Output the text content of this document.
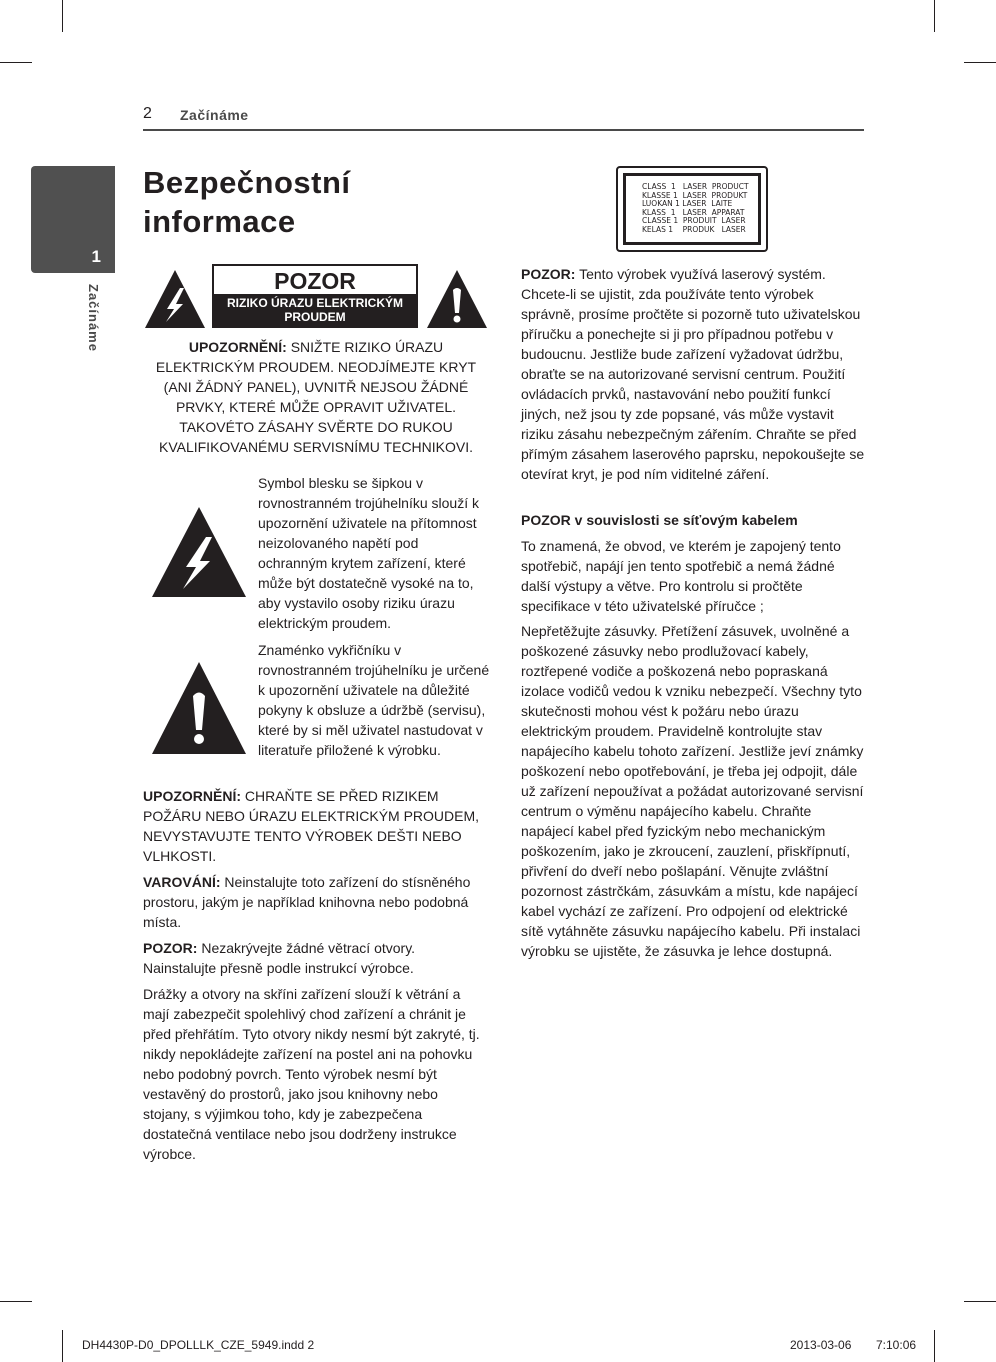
2 Začínáme
1
Začínáme
Bezpečnostní
informace
POZOR
RIZIKO ÚRAZU ELEKTRICKÝM
PROUDEM

UPOZORNĚNÍ: SNIŽTE RIZIKO ÚRAZU ELEKTRICKÝM PROUDEM. NEODJÍMEJTE KRYT (ANI ŽÁDNÝ PANEL), UVNITŘ NEJSOU ŽÁDNÉ PRVKY, KTERÉ MŮŽE OPRAVIT UŽIVATEL. TAKOVÉTO ZÁSAHY SVĚRTE DO RUKOU KVALIFIKOVANÉMU SERVISNÍMU TECHNIKOVI.

Symbol blesku se šipkou v rovnostranném trojúhelníku slouží k upozornění uživatele na přítomnost neizolovaného napětí pod ochranným krytem zařízení, které může být dostatečně vysoké na to, aby vystavilo osoby riziku úrazu elektrickým proudem.
Znaménko vykřičníku v rovnostranném trojúhelníku je určené k upozornění uživatele na důležité pokyny k obsluze a údržbě (servisu), které by si měl uživatel nastudovat v literatuře přiložené k výrobku.

UPOZORNĚNÍ: CHRAŇTE SE PŘED RIZIKEM POŽÁRU NEBO ÚRAZU ELEKTRICKÝM PROUDEM, NEVYSTAVUJTE TENTO VÝROBEK DEŠTI NEBO VLHKOSTI.

VAROVÁNÍ: Neinstalujte toto zařízení do stísněného prostoru, jakým je například knihovna nebo podobná místa.

POZOR: Nezakrývejte žádné větrací otvory. Nainstalujte přesně podle instrukcí výrobce.

Drážky a otvory na skříni zařízení slouží k větrání a mají zabezpečit spolehlivý chod zařízení a chránit je před přehřátím. Tyto otvory nikdy nesmí být zakryté, tj. nikdy nepokládejte zařízení na postel ani na pohovku nebo podobný povrch. Tento výrobek nesmí být vestavěný do prostorů, jako jsou knihovny nebo stojany, s výjimkou toho, kdy je zabezpečena dostatečná ventilace nebo jsou dodrženy instrukce výrobce.
CLASS  1   LASER  PRODUCT
KLASSE 1  LASER  PRODUKT
LUOKAN 1 LASER  LAITE
KLASS  1   LASER  APPARAT
CLASSE 1  PRODUIT  LASER
KELAS 1    PRODUK   LASER

POZOR: Tento výrobek využívá laserový systém. Chcete-li se ujistit, zda používáte tento výrobek správně, prosíme pročtěte si pozorně tuto uživatelskou příručku a ponechejte si ji pro případnou potřebu v budoucnu. Jestliže bude zařízení vyžadovat údržbu, obraťte se na autorizované servisní centrum. Použití ovládacích prvků, nastavování nebo použití funkcí jiných, než jsou ty zde popsané, vás může vystavit riziku zásahu nebezpečným zářením. Chraňte se před přímým zásahem laserového paprsku, nepokoušejte se otevírat kryt, je pod ním viditelné záření.

POZOR v souvislosti se síťovým kabelem
To znamená, že obvod, ve kterém je zapojený tento spotřebič, napájí jen tento spotřebič a nemá žádné další výstupy a větve. Pro kontrolu si pročtěte specifikace v této uživatelské příručce ;
Nepřetěžujte zásuvky. Přetížení zásuvek, uvolněné a poškozené zásuvky nebo prodlužovací kabely, roztřepené vodiče a poškozená nebo popraskaná izolace vodičů vedou k vzniku nebezpečí. Všechny tyto skutečnosti mohou vést k požáru nebo úrazu elektrickým proudem. Pravidelně kontrolujte stav napájecího kabelu tohoto zařízení. Jestliže jeví známky poškození nebo opotřebování, je třeba jej odpojit, dále už zařízení nepoužívat a požádat autorizované servisní centrum o výměnu napájecího kabelu. Chraňte napájecí kabel před fyzickým nebo mechanickým poškozením, jako je zkroucení, zauzlení, přiskřípnutí, přivření do dveří nebo pošlapání. Věnujte zvláštní pozornost zástrčkám, zásuvkám a místu, kde napájecí kabel vychází ze zařízení. Pro odpojení od elektrické sítě vytáhněte zásuvku napájecího kabelu. Při instalaci výrobku se ujistěte, že zásuvka je lehce dostupná.
DH4430P-D0_DPOLLLK_CZE_5949.indd 2	2013-03-06 7:10:06
